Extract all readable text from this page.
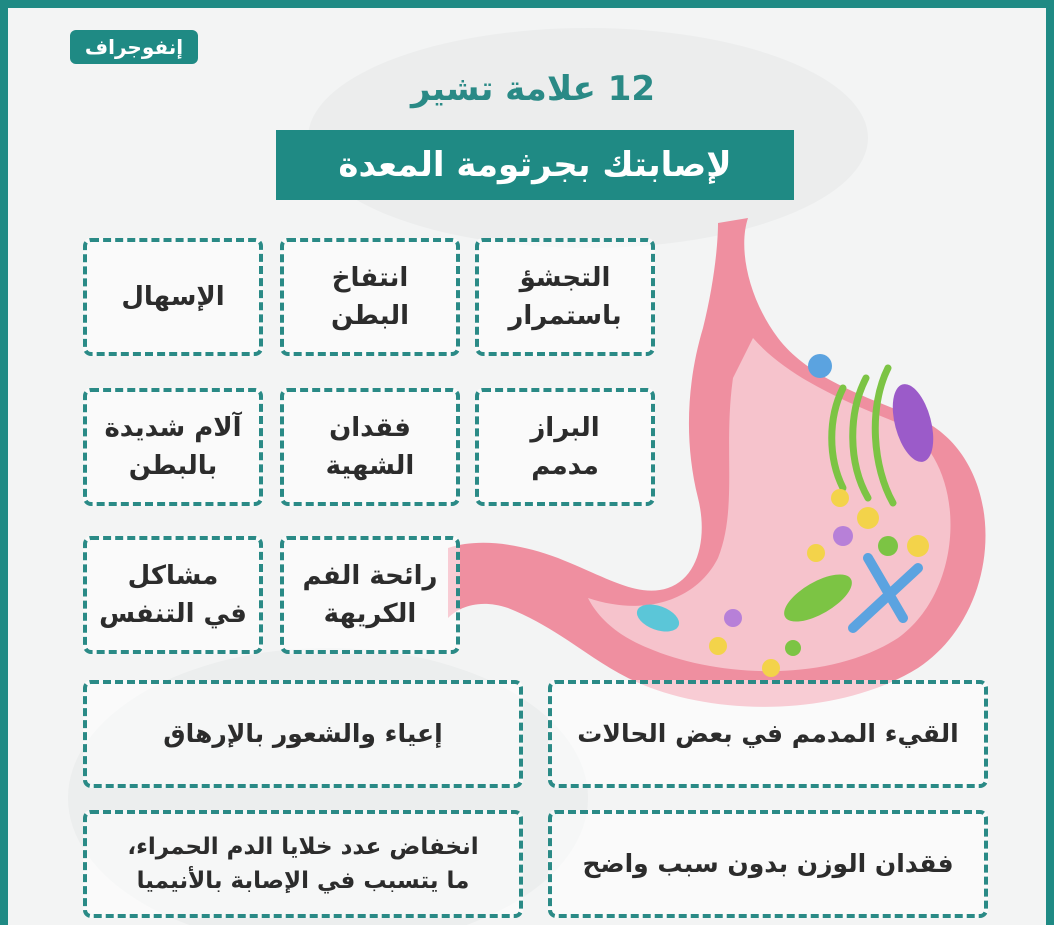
إنفوجراف
12 علامة تشير
لإصابتك بجرثومة المعدة
التجشؤ
باستمرار
انتفاخ
البطن
الإسهال
البراز
مدمم
فقدان
الشهية
آلام شديدة
بالبطن
رائحة الفم
الكريهة
مشاكل
في التنفس
القيء المدمم في بعض الحالات
إعياء والشعور بالإرهاق
فقدان الوزن بدون سبب واضح
انخفاض عدد خلايا الدم الحمراء،
ما يتسبب في الإصابة بالأنيميا
